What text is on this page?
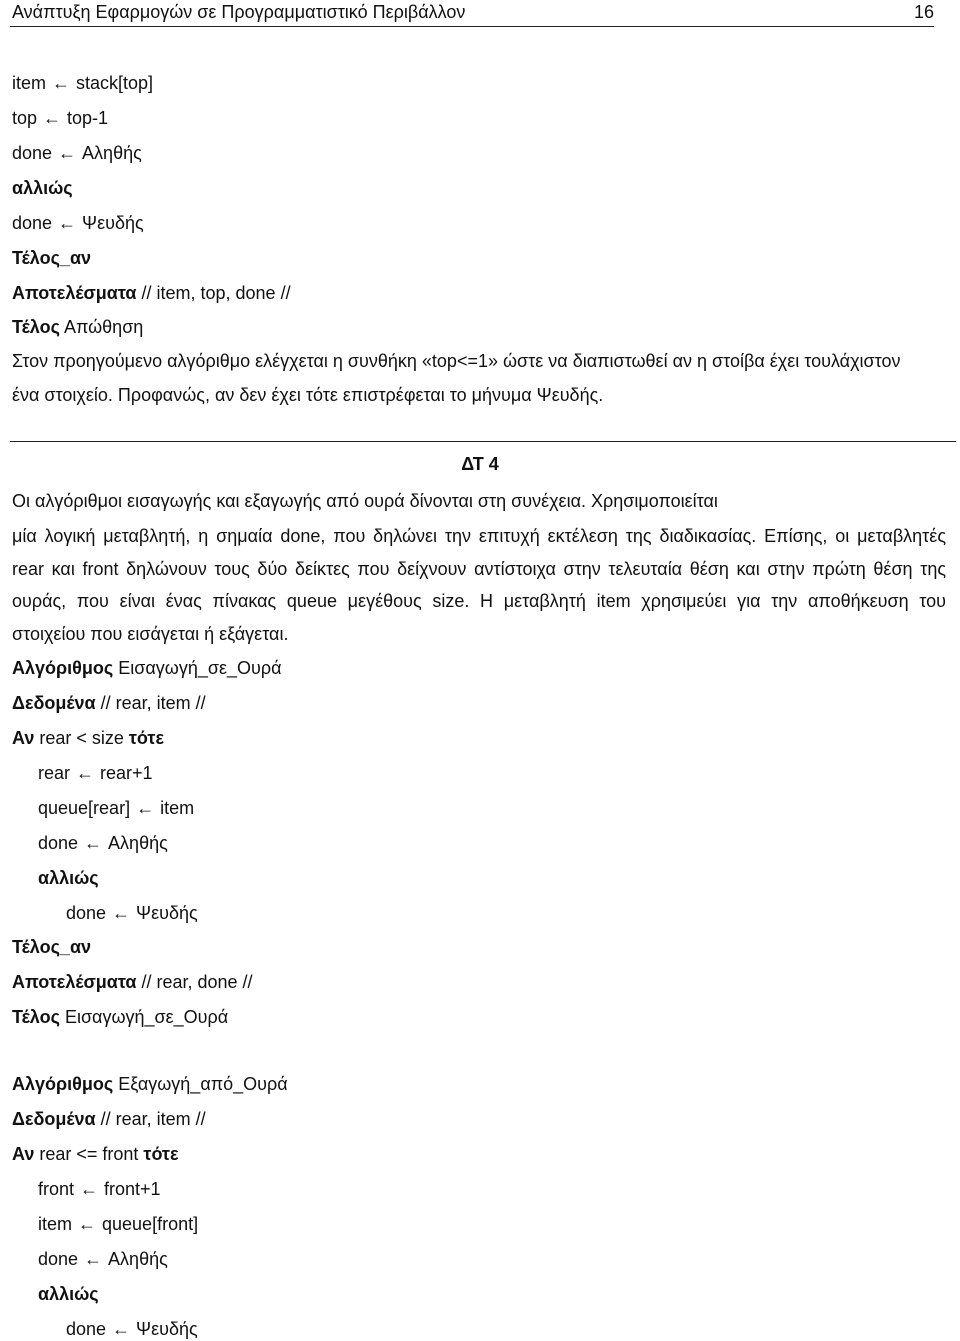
Ανάπτυξη Εφαρμογών σε Προγραμματιστικό Περιβάλλον	16
item ← stack[top]
top ← top-1
done ← Αληθής
αλλιώς
done ← Ψευδής
Τέλος_αν
Αποτελέσματα // item, top, done //
Τέλος Απώθηση
Στον προηγούμενο αλγόριθμο ελέγχεται η συνθήκη «top<=1» ώστε να διαπιστωθεί αν η στοίβα έχει τουλάχιστον
ένα στοιχείο. Προφανώς, αν δεν έχει τότε επιστρέφεται το μήνυμα Ψευδής.
ΔΤ 4
Οι αλγόριθμοι εισαγωγής και εξαγωγής από ουρά δίνονται στη συνέχεια. Χρησιμοποιείται
μία λογική μεταβλητή, η σημαία done, που δηλώνει την επιτυχή εκτέλεση της διαδικασίας. Επίσης, οι μεταβλητές
rear και front δηλώνουν τους δύο δείκτες που δείχνουν αντίστοιχα στην τελευταία θέση και στην πρώτη θέση της
ουράς, που είναι ένας πίνακας queue μεγέθους size. Η μεταβλητή item χρησιμεύει για την αποθήκευση του
στοιχείου που εισάγεται ή εξάγεται.
Αλγόριθμος Εισαγωγή_σε_Ουρά
Δεδομένα // rear, item //
Αν rear < size τότε
rear ← rear+1
queue[rear] ← item
done ← Αληθής
αλλιώς
done ← Ψευδής
Τέλος_αν
Αποτελέσματα // rear, done //
Τέλος Εισαγωγή_σε_Ουρά
Αλγόριθμος Εξαγωγή_από_Ουρά
Δεδομένα // rear, item //
Αν rear <= front τότε
front ← front+1
item ← queue[front]
done ← Αληθής
αλλιώς
done ← Ψευδής
